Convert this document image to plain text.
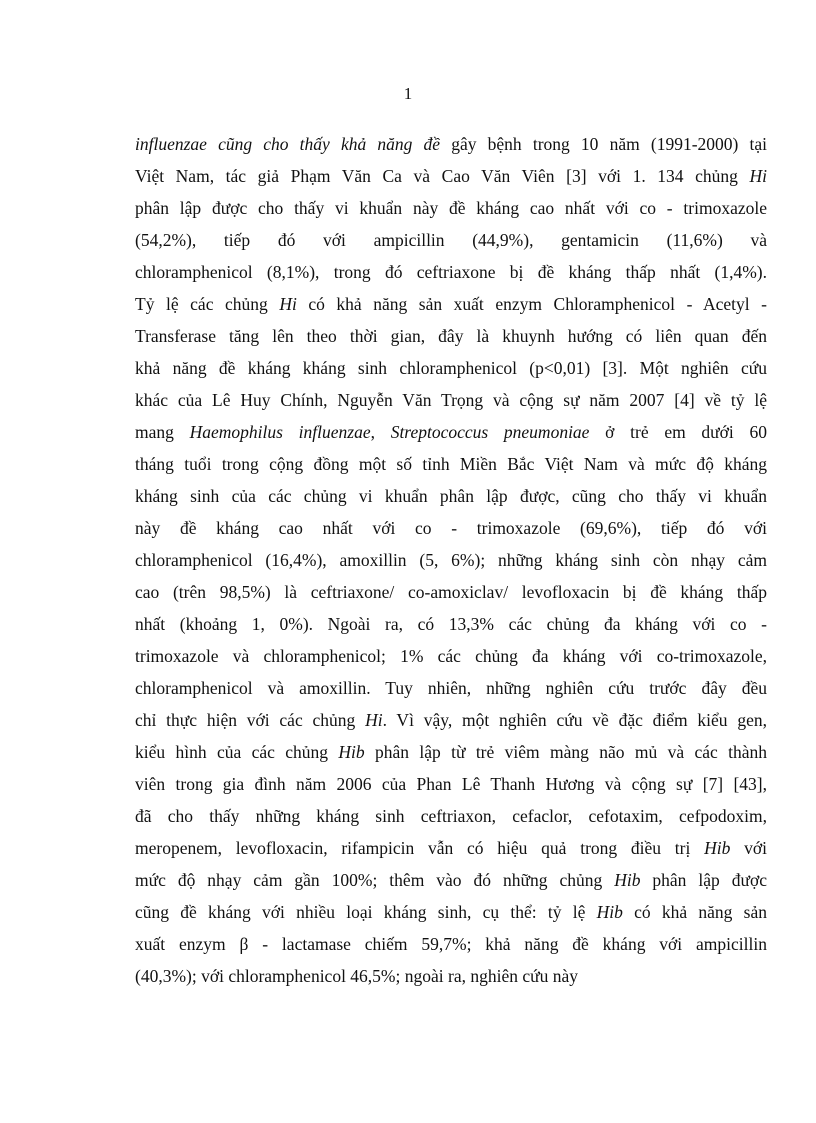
1
influenzae cũng cho thấy khả năng đề gây bệnh trong 10 năm (1991-2000) tại
Việt Nam, tác giả Phạm Văn Ca và Cao Văn Viên [3] với 1. 134 chủng Hi
phân lập được cho thấy vi khuẩn này đề kháng cao nhất với co - trimoxazole
(54,2%), tiếp đó với ampicillin (44,9%), gentamicin (11,6%) và
chloramphenicol (8,1%), trong đó ceftriaxone bị đề kháng thấp nhất (1,4%).
Tỷ lệ các chủng Hi có khả năng sản xuất enzym Chloramphenicol - Acetyl -
Transferase tăng lên theo thời gian, đây là khuynh hướng có liên quan đến
khả năng đề kháng kháng sinh chloramphenicol (p<0,01) [3]. Một nghiên cứu
khác của Lê Huy Chính, Nguyễn Văn Trọng và cộng sự năm 2007 [4] về tỷ lệ
mang Haemophilus influenzae, Streptococcus pneumoniae ở trẻ em dưới 60
tháng tuổi trong cộng đồng một số tỉnh Miền Bắc Việt Nam và mức độ kháng
kháng sinh của các chủng vi khuẩn phân lập được, cũng cho thấy vi khuẩn
này đề kháng cao nhất với co - trimoxazole (69,6%), tiếp đó với
chloramphenicol (16,4%), amoxillin (5, 6%); những kháng sinh còn nhạy cảm
cao (trên 98,5%) là ceftriaxone/ co-amoxiclav/ levofloxacin bị đề kháng thấp
nhất (khoảng 1, 0%). Ngoài ra, có 13,3% các chủng đa kháng với co -
trimoxazole và chloramphenicol; 1% các chủng đa kháng với co-trimoxazole,
chloramphenicol và amoxillin. Tuy nhiên, những nghiên cứu trước đây đều
chỉ thực hiện với các chủng Hi. Vì vậy, một nghiên cứu về đặc điểm kiểu gen,
kiểu hình của các chủng Hib phân lập từ trẻ viêm màng não mủ và các thành
viên trong gia đình năm 2006 của Phan Lê Thanh Hương và cộng sự [7] [43],
đã cho thấy những kháng sinh ceftriaxon, cefaclor, cefotaxim, cefpodoxim,
meropenem, levofloxacin, rifampicin vẫn có hiệu quả trong điều trị Hib với
mức độ nhạy cảm gần 100%; thêm vào đó những chủng Hib phân lập được
cũng đề kháng với nhiều loại kháng sinh, cụ thể: tỷ lệ Hib có khả năng sản
xuất enzym β - lactamase chiếm 59,7%; khả năng đề kháng với ampicillin
(40,3%); với chloramphenicol 46,5%; ngoài ra, nghiên cứu này
